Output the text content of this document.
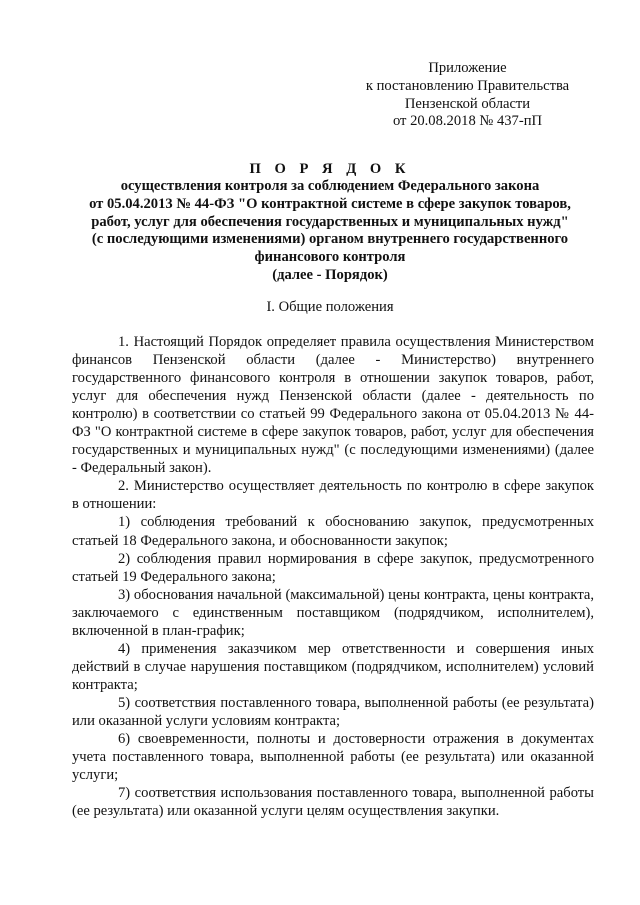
Приложение
к постановлению Правительства
Пензенской области
от 20.08.2018 № 437-пП
П О Р Я Д О К
осуществления контроля за соблюдением Федерального закона
от 05.04.2013 № 44-ФЗ "О контрактной системе в сфере закупок товаров,
работ, услуг для обеспечения государственных и муниципальных нужд"
(с последующими изменениями) органом внутреннего государственного
финансового контроля
(далее - Порядок)
I. Общие положения

1. Настоящий Порядок определяет правила осуществления Министерством финансов Пензенской области (далее - Министерство) внутреннего государственного финансового контроля в отношении закупок товаров, работ, услуг для обеспечения нужд Пензенской области (далее - деятельность по контролю) в соответствии со статьей 99 Федерального закона от 05.04.2013 № 44-ФЗ "О контрактной системе в сфере закупок товаров, работ, услуг для обеспечения государственных и муниципальных нужд" (с последующими изменениями) (далее - Федеральный закон).

2. Министерство осуществляет деятельность по контролю в сфере закупок в отношении:

1) соблюдения требований к обоснованию закупок, предусмотренных статьей 18 Федерального закона, и обоснованности закупок;

2) соблюдения правил нормирования в сфере закупок, предусмотренного статьей 19 Федерального закона;

3) обоснования начальной (максимальной) цены контракта, цены контракта, заключаемого с единственным поставщиком (подрядчиком, исполнителем), включенной в план-график;

4) применения заказчиком мер ответственности и совершения иных действий в случае нарушения поставщиком (подрядчиком, исполнителем) условий контракта;

5) соответствия поставленного товара, выполненной работы (ее результата) или оказанной услуги условиям контракта;

6) своевременности, полноты и достоверности отражения в документах учета поставленного товара, выполненной работы (ее результата) или оказанной услуги;

7) соответствия использования поставленного товара, выполненной работы (ее результата) или оказанной услуги целям осуществления закупки.
